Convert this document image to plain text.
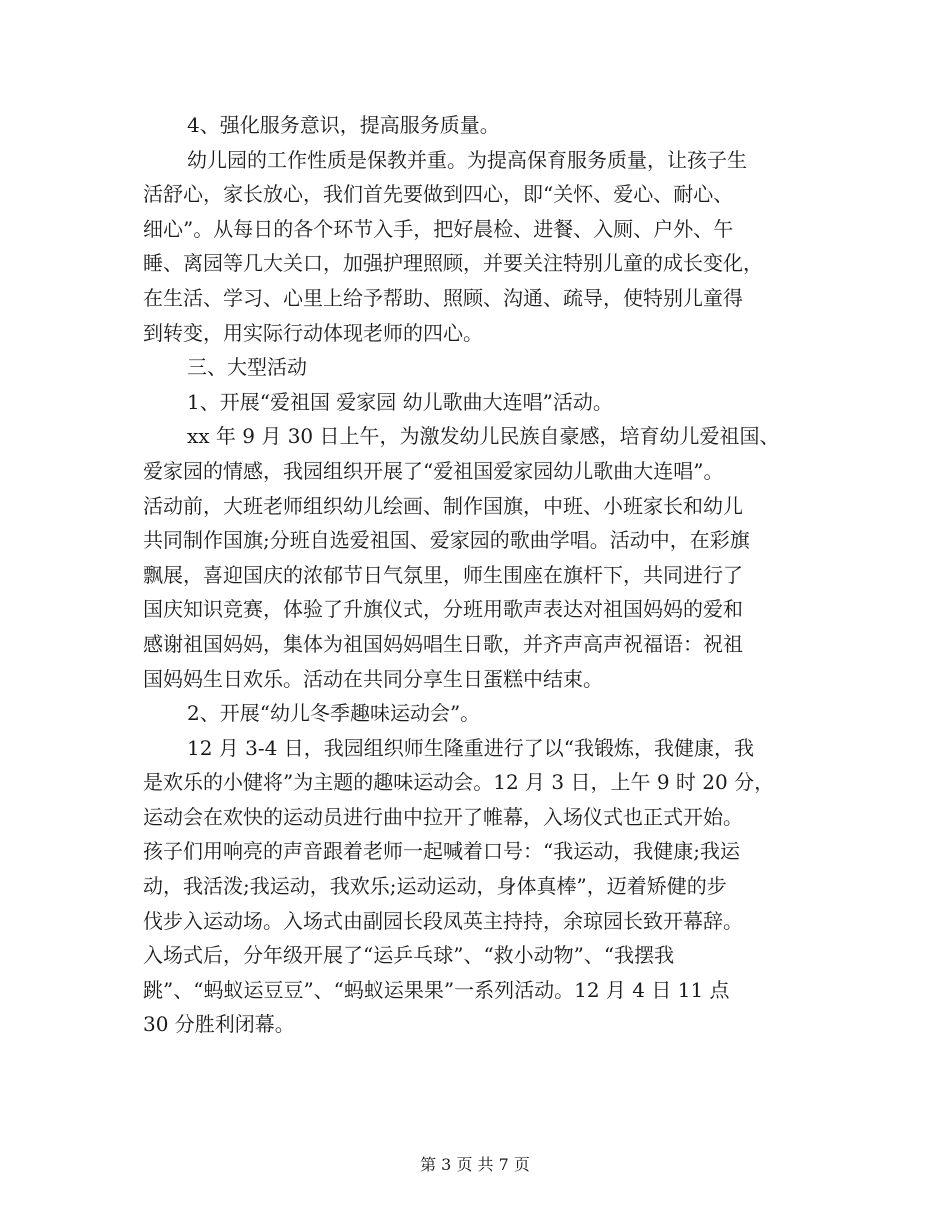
4、强化服务意识，提高服务质量。

幼儿园的工作性质是保教并重。为提高保育服务质量，让孩子生
活舒心，家长放心，我们首先要做到四心，即“关怀、爱心、耐心、
细心”。从每日的各个环节入手，把好晨检、进餐、入厕、户外、午
睡、离园等几大关口，加强护理照顾，并要关注特别儿童的成长变化，
在生活、学习、心里上给予帮助、照顾、沟通、疏导，使特别儿童得
到转变，用实际行动体现老师的四心。

三、大型活动

1、开展“爱祖国 爱家园 幼儿歌曲大连唱”活动。

xx 年 9 月 30 日上午，为激发幼儿民族自豪感，培育幼儿爱祖国、
爱家园的情感，我园组织开展了“爱祖国爱家园幼儿歌曲大连唱”。
活动前，大班老师组织幼儿绘画、制作国旗，中班、小班家长和幼儿
共同制作国旗;分班自选爱祖国、爱家园的歌曲学唱。活动中，在彩旗
飘展，喜迎国庆的浓郁节日气氛里，师生围座在旗杆下，共同进行了
国庆知识竞赛，体验了升旗仪式，分班用歌声表达对祖国妈妈的爱和
感谢祖国妈妈，集体为祖国妈妈唱生日歌，并齐声高声祝福语：祝祖
国妈妈生日欢乐。活动在共同分享生日蛋糕中结束。

2、开展“幼儿冬季趣味运动会”。

12 月 3-4 日，我园组织师生隆重进行了以“我锻炼，我健康，我
是欢乐的小健将”为主题的趣味运动会。12 月 3 日，上午 9 时 20 分，
运动会在欢快的运动员进行曲中拉开了帷幕，入场仪式也正式开始。
孩子们用响亮的声音跟着老师一起喊着口号：“我运动，我健康;我运
动，我活泼;我运动，我欢乐;运动运动，身体真棒”，迈着矫健的步
伐步入运动场。入场式由副园长段凤英主持持，余琼园长致开幕辞。
入场式后，分年级开展了“运乒乓球”、“救小动物”、“我摆我
跳”、“蚂蚁运豆豆”、“蚂蚁运果果”一系列活动。12 月 4 日 11 点
30 分胜利闭幕。

第 3 页 共 7 页
